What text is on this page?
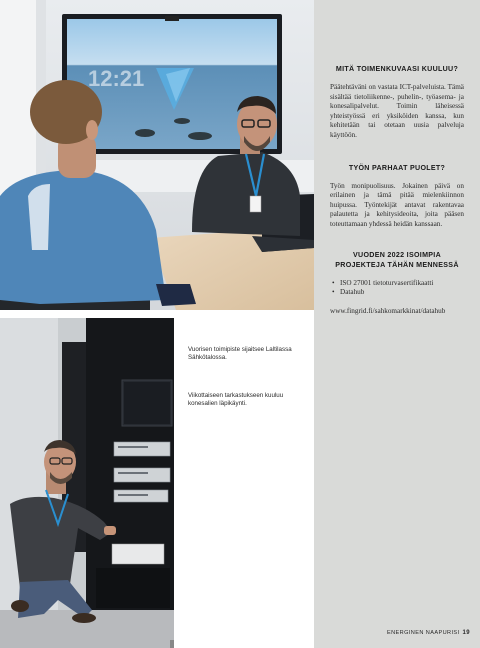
12:21

Vuorisen toimipiste sijaitsee Laltilassa Sähkötalossa.

Viikottaiseen tarkastukseen kuuluu konesalien läpikäynti.

MITÄ TOIMENKUVAASI KUULUU?

Päätehtäväni on vastata ICT-palveluista. Tämä sisältää tietoliikenne-, puhelin-, työasema- ja konesalipalvelut. Toimin läheisessä yhteistyössä eri yksiköiden kanssa, kun kehitetään tai otetaan uusia palveluja käyttöön.

TYÖN PARHAAT PUOLET?

Työn monipuolisuus. Jokainen päivä on erilainen ja tämä pitää mielenkiinnon huipussa. Työntekijät antavat rakentavaa palautetta ja kehitysideoita, joita pääsen toteuttamaan yhdessä heidän kanssaan.

VUODEN 2022 ISOIMPIA PROJEKTEJA TÄHÄN MENNESSÄ
• ISO 27001 tietoturvasertifikaatti
• Datahub
www.fingrid.fi/sahkomarkkinat/datahub
ENERGINEN NAAPURISI 19
